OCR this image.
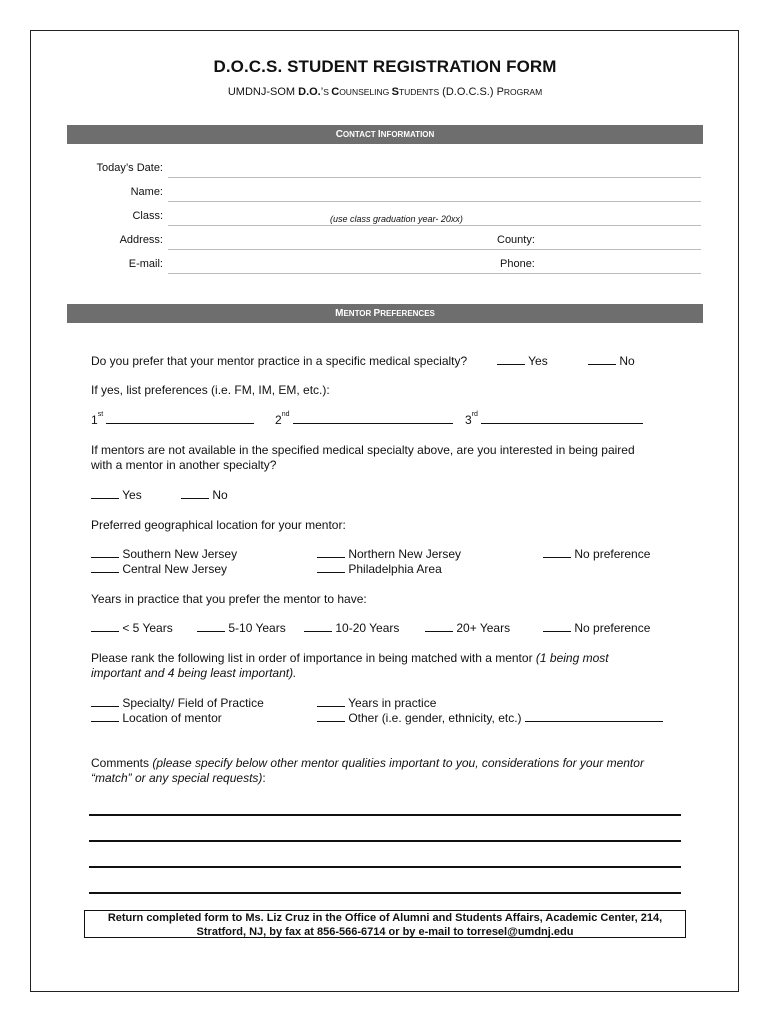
D.O.C.S. STUDENT REGISTRATION FORM
UMDNJ-SOM D.O.’S COUNSELING STUDENTS (D.O.C.S.) PROGRAM
CONTACT INFORMATION
Today’s Date:
Name:
Class:	(use class graduation year- 20xx)
Address:	County:
E-mail:	Phone:
MENTOR PREFERENCES
Do you prefer that your mentor practice in a specific medical specialty?	Yes	No
If yes, list preferences (i.e. FM, IM, EM, etc.):
1st	2nd	3rd
If mentors are not available in the specified medical specialty above, are you interested in being paired
with a mentor in another specialty?
Yes	No
Preferred geographical location for your mentor:
Southern New Jersey	Northern New Jersey	No preference
Central New Jersey	Philadelphia Area
Years in practice that you prefer the mentor to have:
< 5 Years	5-10 Years	10-20 Years	20+ Years	No preference
Please rank the following list in order of importance in being matched with a mentor (1 being most
important and 4 being least important).
Specialty/ Field of Practice	Years in practice
Location of mentor	Other (i.e. gender, ethnicity, etc.)
Comments (please specify below other mentor qualities important to you, considerations for your mentor
“match” or any special requests):
Return completed form to Ms. Liz Cruz in the Office of Alumni and Students Affairs, Academic Center, 214,
Stratford, NJ, by fax at 856-566-6714 or by e-mail to torresel@umdnj.edu
